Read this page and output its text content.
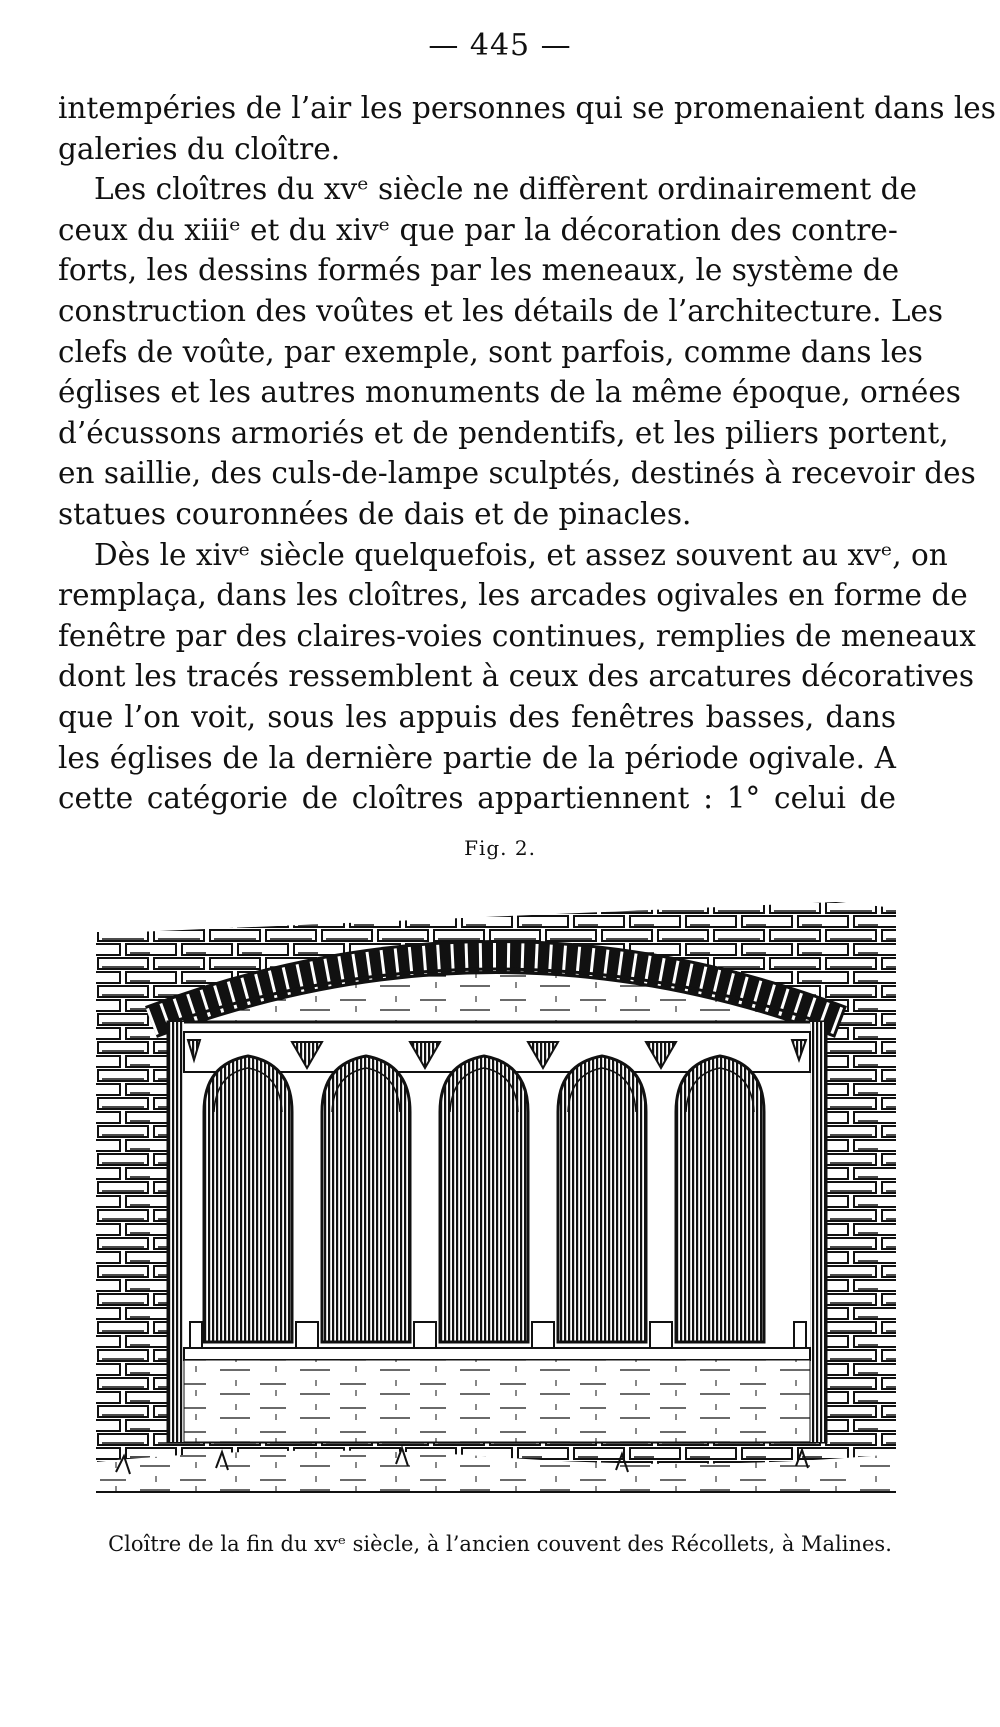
— 445 —
intempéries de l’air les personnes qui se promenaient dans les
galeries du cloître.
Les cloîtres du xvᵉ siècle ne diffèrent ordinairement de
ceux du xiiiᵉ et du xivᵉ que par la décoration des contre-
forts, les dessins formés par les meneaux, le système de
construction des voûtes et les détails de l’architecture. Les
clefs de voûte, par exemple, sont parfois, comme dans les
églises et les autres monuments de la même époque, ornées
d’écussons armoriés et de pendentifs, et les piliers portent,
en saillie, des culs-de-lampe sculptés, destinés à recevoir des
statues couronnées de dais et de pinacles.
Dès le xivᵉ siècle quelquefois, et assez souvent au xvᵉ, on
remplaça, dans les cloîtres, les arcades ogivales en forme de
fenêtre par des claires-voies continues, remplies de meneaux
dont les tracés ressemblent à ceux des arcatures décoratives
que l’on voit, sous les appuis des fenêtres basses, dans
les églises de la dernière partie de la période ogivale. A
cette catégorie de cloîtres appartiennent : 1° celui de
Fig. 2.
Cloître de la fin du xvᵉ siècle, à l’ancien couvent des Récollets, à Malines.
